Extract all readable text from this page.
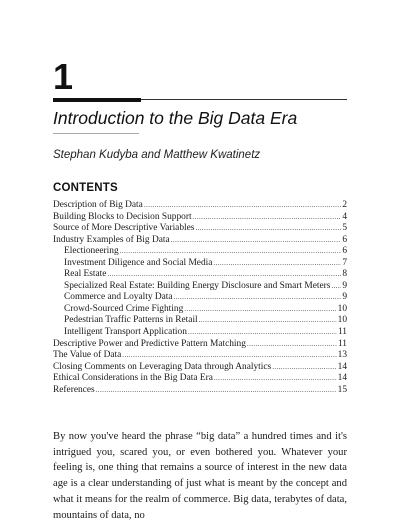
1
Introduction to the Big Data Era
Stephan Kudyba and Matthew Kwatinetz
CONTENTS
Description of Big Data .....	2
Building Blocks to Decision Support .....	4
Source of More Descriptive Variables .....	5
Industry Examples of Big Data .....	6
Electioneering .....	6
Investment Diligence and Social Media .....	7
Real Estate .....	8
Specialized Real Estate: Building Energy Disclosure and Smart Meters ..... 9
Commerce and Loyalty Data .....	9
Crowd-Sourced Crime Fighting .....	10
Pedestrian Traffic Patterns in Retail .....	10
Intelligent Transport Application .....	11
Descriptive Power and Predictive Pattern Matching .....	11
The Value of Data .....	13
Closing Comments on Leveraging Data through Analytics .....	14
Ethical Considerations in the Big Data Era .....	14
References .....	15

By now you've heard the phrase “big data” a hundred times and it's intrigued you, scared you, or even bothered you. Whatever your feeling is, one thing that remains a source of interest in the new data age is a clear understanding of just what is meant by the concept and what it means for the realm of commerce. Big data, terabytes of data, mountains of data, no
